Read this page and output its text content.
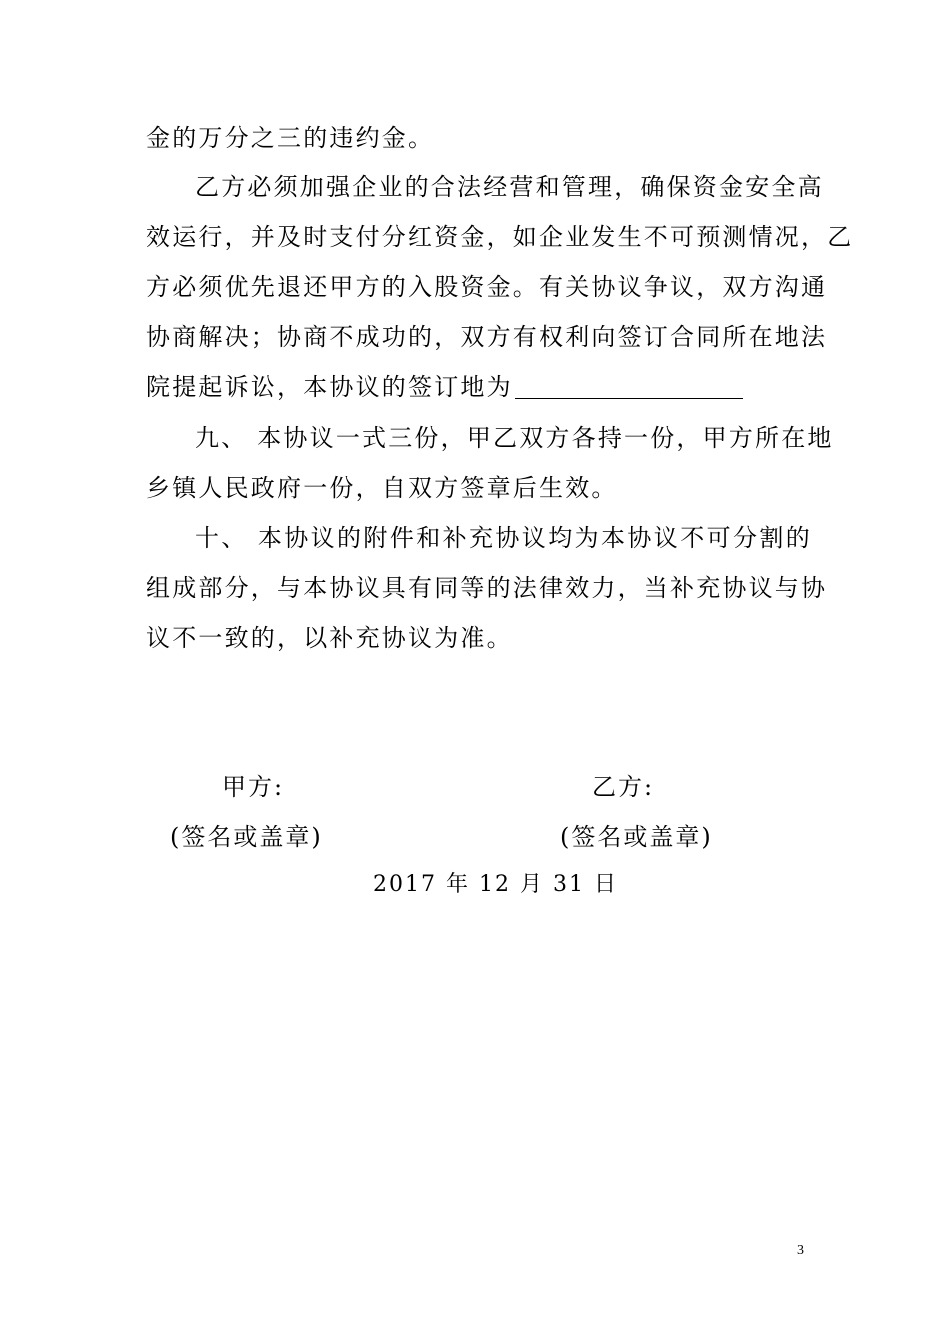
金的万分之三的违约金。
乙方必须加强企业的合法经营和管理，确保资金安全高
效运行，并及时支付分红资金，如企业发生不可预测情况，乙
方必须优先退还甲方的入股资金。有关协议争议，双方沟通
协商解决；协商不成功的，双方有权利向签订合同所在地法
院提起诉讼，本协议的签订地为
九、 本协议一式三份，甲乙双方各持一份，甲方所在地
乡镇人民政府一份，自双方签章后生效。
十、 本协议的附件和补充协议均为本协议不可分割的
组成部分，与本协议具有同等的法律效力，当补充协议与协
议不一致的，以补充协议为准。
甲方:	乙方:
(签名或盖章)	(签名或盖章)
2017 年 12 月 31 日
3
